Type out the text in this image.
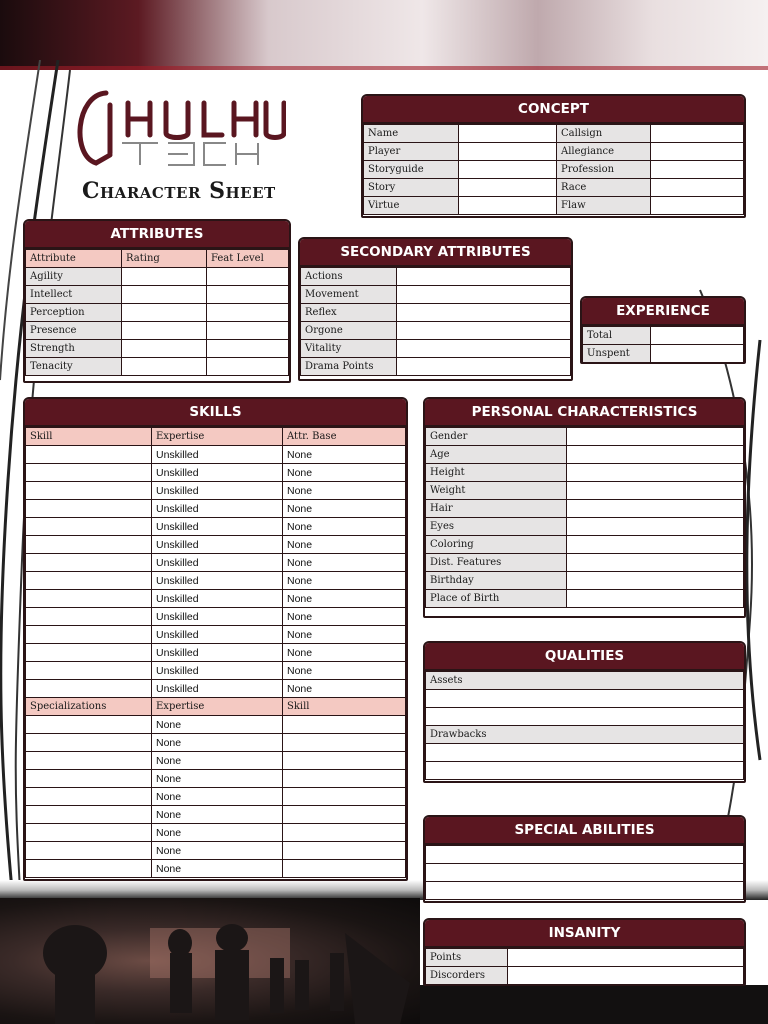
Character Sheet
CONCEPT
Name		Callsign	
Player		Allegiance	
Storyguide		Profession	
Story		Race	
Virtue		Flaw	
ATTRIBUTES
Attribute	Rating	Feat Level
Agility		
Intellect		
Perception		
Presence		
Strength		
Tenacity		
SECONDARY ATTRIBUTES
Actions	
Movement	
Reflex	
Orgone	
Vitality	
Drama Points	
EXPERIENCE
Total	
Unspent	
SKILLS
Skill	Expertise	Attr. Base
	Unskilled	None
	Unskilled	None
	Unskilled	None
	Unskilled	None
	Unskilled	None
	Unskilled	None
	Unskilled	None
	Unskilled	None
	Unskilled	None
	Unskilled	None
	Unskilled	None
	Unskilled	None
	Unskilled	None
	Unskilled	None
Specializations	Expertise	Skill
	None	
	None	
	None	
	None	
	None	
	None	
	None	
	None	
	None	
PERSONAL CHARACTERISTICS
Gender	
Age	
Height	
Weight	
Hair	
Eyes	
Coloring	
Dist. Features	
Birthday	
Place of Birth	
QUALITIES
Assets

Drawbacks

SPECIAL ABILITIES

INSANITY
Points	
Discorders	
